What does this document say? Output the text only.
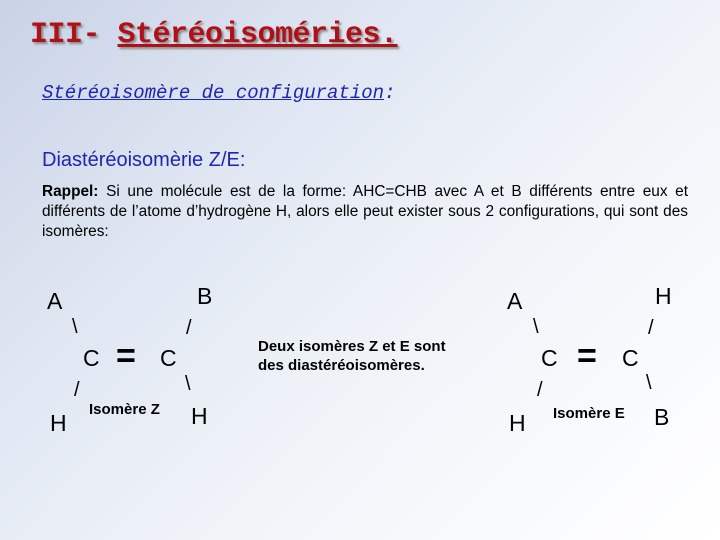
III- Stéréoisoméries.
Stéréoisomère de configuration:
Diastéréoisomèrie Z/E:
Rappel: Si une molécule est de la forme: AHC=CHB avec A et B différents entre eux et différents de l’atome d’hydrogène H, alors elle peut exister sous 2 configurations, qui sont des isomères:
A	B
\	/
C = C
/	\
H
Isomère Z H
Deux isomères Z et E sont
des diastéréoisomères.
A	H
\	/
C = C
/	\
H Isomère E B
